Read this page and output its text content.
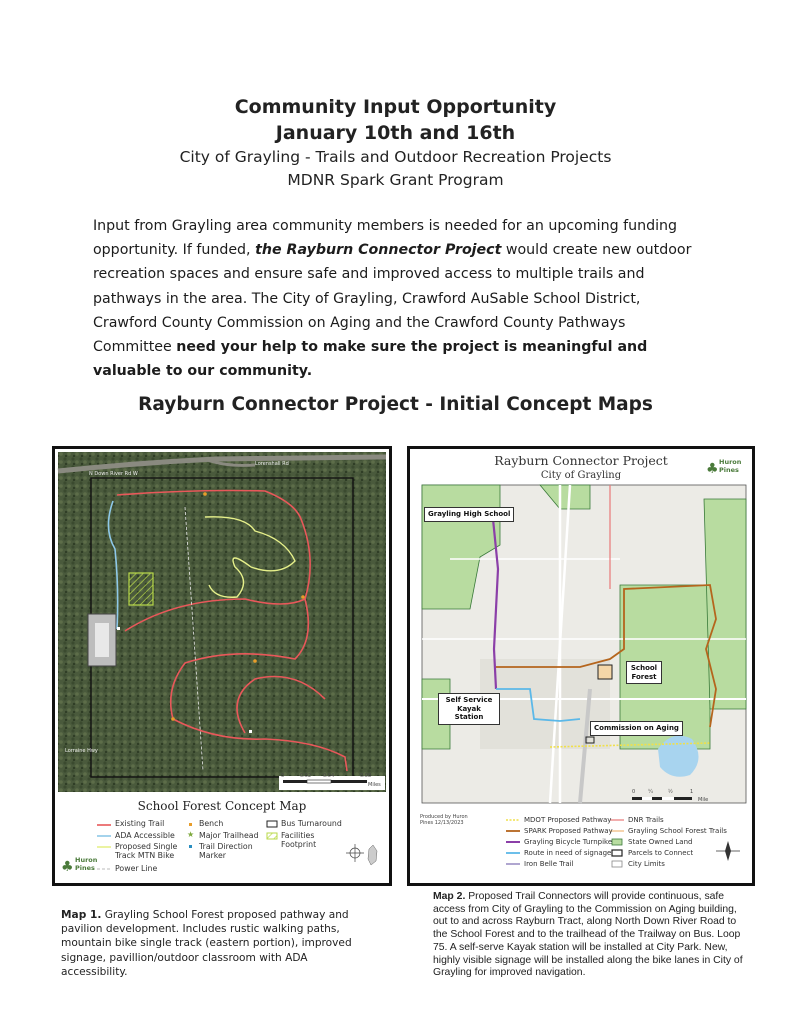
Community Input Opportunity
January 10th and 16th
City of Grayling - Trails and Outdoor Recreation Projects
MDNR Spark Grant Program
Input from Grayling area community members is needed for an upcoming funding opportunity. If funded, the Rayburn Connector Project would create new outdoor recreation spaces and ensure safe and improved access to multiple trails and pathways in the area. The City of Grayling, Crawford AuSable School District, Crawford County Commission on Aging and the Crawford County Pathways Committee need your help to make sure the project is meaningful and valuable to our community.
Rayburn Connector Project - Initial Concept Maps
N Down River Rd W
Lorenshall Rd
Lorraine Hwy
0	0.02 0.04	0.08
Miles
School Forest Concept Map
Existing Trail
ADA Accessible
Proposed Single Track MTN Bike
Power Line
Bench
★ Major Trailhead
Trail Direction Marker
Bus Turnaround
Facilities Footprint
♣ Huron
Pines
Rayburn Connector Project
City of Grayling	♣ Huron
Pines
Grayling High School
School Forest
Self Service Kayak Station
Commission on Aging
0	¼	½	1
Mile
Produced by Huron Pines 12/13/2023	MDOT Proposed Pathway
SPARK Proposed Pathway
Grayling Bicycle Turnpike
Route in need of signage
Iron Belle Trail
DNR Trails
Grayling School Forest Trails
State Owned Land
Parcels to Connect
City Limits
Map 1. Grayling School Forest proposed pathway and pavilion development. Includes rustic walking paths, mountain bike single track (eastern portion), improved signage, pavillion/outdoor classroom with ADA accessibility.
Map 2. Proposed Trail Connectors will provide continuous, safe access from City of Grayling to the Commission on Aging building, out to and across Rayburn Tract, along North Down River Road to the School Forest and to the trailhead of the Trailway on Bus. Loop 75. A self-serve Kayak station will be installed at City Park. New, highly visible signage will be installed along the bike lanes in City of Grayling for improved navigation.
